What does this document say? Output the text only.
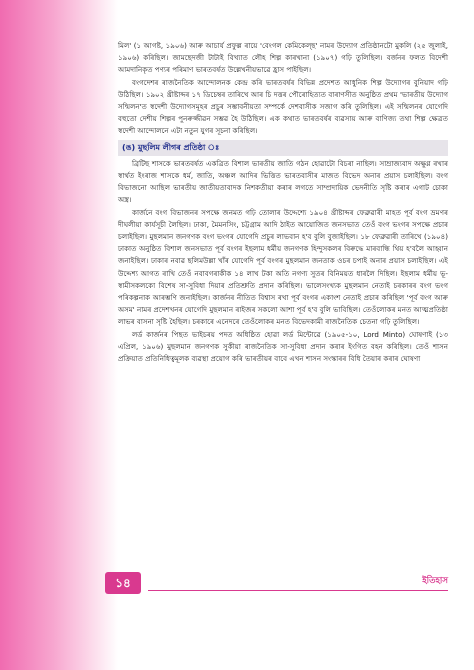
মিল' (১ আগষ্ট, ১৯০৬) আৰু আচাৰ্য প্ৰফুল্ল ৰায়ে 'বেংগল কেমিকেল্‌ছ' নামৰ উদ্যোগ প্ৰতিষ্ঠানটো মুকলি (২৫ জুলাই, ১৯০৬) কৰিছিল। জামছেদজী টাটাই বিখ্যাত লৌহ শিল্প কাৰখানা (১৯০৭) গঢ়ি তুলিছিল। বৰ্জনৰ ফলত বিদেশী আমদানিকৃত পণ্যৰ পৰিমাণ ভাৰতবৰ্ষত উল্লেখনীয়ভাৱে হ্ৰাস পাইছিল।

বংগদেশৰ ৰাজনৈতিক আন্দোলনক কেন্দ্ৰ কৰি ভাৰতবৰ্ষৰ বিভিন্ন প্ৰদেশত আধুনিক শিল্প উদ্যোগৰ বুনিয়াদ গঢ়ি উঠিছিল। ১৯০২ খ্ৰীষ্টাব্দৰ ১৭ ডিচেম্বৰ তাৰিখে আৰ চি দত্তৰ পৌৰোহিত্যত বাৰাণসীত অনুষ্ঠিত প্ৰথম 'ভাৰতীয় উদ্যোগ সন্মিলন'ত স্বদেশী উদ্যোগসমূহৰ প্ৰচুৰ সম্ভাবনীয়তা সম্পৰ্কে দেশবাসীক সজাগ কৰি তুলিছিল। এই সন্মিলনৰ যোগেদি বহুতো দেশীয় শিল্পৰ পুনৰুজ্জীৱন সম্ভৱ হৈ উঠিছিল। এক কথাত ভাৰতবৰ্ষৰ ব্যৱসায় আৰু বাণিজ্য তথা শিল্প ক্ষেত্ৰত স্বদেশী আন্দোলনে এটা নতুন যুগৰ সূচনা কৰিছিল।

(ঙ) মুছলিম লীগৰ প্ৰতিষ্ঠা ঃ

ব্ৰিটিছ শাসকে ভাৰতবৰ্ষত একত্ৰিত বিশাল ভাৰতীয় জাতি গঠন হোৱাটো বিচৰা নাছিল। সাম্ৰাজ্যবাদ অক্ষুণ্ণ ৰখাৰ স্বাৰ্থত ইংৰাজ শাসকে ধৰ্ম, জাতি, অঞ্চল আদিৰ ভিত্তিত ভাৰতবাসীৰ মাজত বিভেদ অনাৰ প্ৰয়াস চলাইছিল। বংগ বিভাজনো আছিল ভাৰতীয় জাতীয়তাবাদক নিশকতীয়া কৰাৰ লগতে সাম্প্ৰদায়িক ভেদনীতি সৃষ্টি কৰাৰ এগাট চোকা অস্ত্ৰ।

কাৰ্জনে বংগ বিভাজনৰ সপক্ষে জনমত গঢ়ি তোলাৰ উদ্দেশ্যে ১৯০৪ খ্ৰীষ্টাব্দৰ ফেব্ৰুৱাৰী মাহত পূৰ্ব বংগ ভ্ৰমণৰ দীঘলীয়া কাৰ্যসূচী লৈছিল। ঢাকা, মৈমনসিং, চট্টগ্ৰাম আদি ঠাইত আয়োজিত জনসভাত তেওঁ বংগ ভংগৰ সপক্ষে প্ৰচাৰ চলাইছিল। মুছলমান জনগণক বংগ ভংগৰ যোগেদি প্ৰচুৰ লাভবান হ'ব বুলি বুজাইছিল। ১৮ ফেব্ৰুৱাৰী তাৰিখে (১৯০৪) ঢাকাত অনুষ্ঠিত বিশাল জনসভাত পূৰ্ব বংগৰ ইছলাম ধৰ্মীয় জনগণক হিন্দুসকলৰ বিৰুদ্ধে মাৰবান্ধি থিয় হ'বলৈ আহ্বান জনাইছিল। ঢাকাৰ নবাৱ ছলিমউল্লা খাঁৰ যোগেদি পূৰ্ব বংগৰ মুছলমান জনতাক ওচৰ চপাই অনাৰ প্ৰয়াস চলাইছিল। এই উদ্দেশ্য আগত ৰাখি তেওঁ নবাবগৰাকীক ১৪ লাখ টকা অতি নগণ্য সুতৰ বিনিময়ত ধাৰলৈ দিছিল। ইছলাম ধৰ্মীয় ভূ-স্বামীসকলকো বিশেষ সা-সুবিধা দিয়াৰ প্ৰতিশ্ৰুতি প্ৰদান কৰিছিল। ভালেসংখ্যক মুছলমান নেতাই চৰকাৰৰ বংগ ভংগ পৰিকল্পনাক আৰম্ভণি জনাইছিল। কাৰ্জনৰ নীতিত বিশ্বাস ৰখা পূৰ্ব বংগৰ একাংশ নেতাই প্ৰচাৰ কৰিছিল 'পূৰ্ব বংগ আৰু অসম' নামৰ প্ৰদেশখনৰ যোগেদি মুছলমান ৰাইজৰ সকলো আশা পূৰ্ব হ'ব বুলি ভাবিছিল। তেওঁলোকৰ মনত আত্মপ্ৰতিষ্ঠা লাভৰ বাসনা সৃষ্টি হৈছিল। চৰকাৰে এনেদৰে তেওঁলোকৰ মনত বিভেদকামী ৰাজনৈতিক চেতনা গঢ়ি তুলিছিল।

লৰ্ড কাৰ্জনৰ পিছত ভাইচৰয় পদত অধিষ্ঠিত হোৱা লৰ্ড মিন্টোৱে (১৯০৫-১০, Lord Minto) ঘোষণাই (১৩ এপ্ৰিল, ১৯০৬) মুছলমান জনগণক সুকীয়া ৰাজনৈতিক সা-সুবিধা প্ৰদান কৰাৰ ইংগিত বহন কৰিছিল। তেওঁ শাসন প্ৰক্ৰিয়াত প্ৰতিনিধিত্বমূলক ব্যৱস্থা প্ৰয়োগ কৰি ভাৰতীয়ৰ বাবে এখন শাসন সংস্কাৰৰ বিধি তৈয়াৰ কৰাৰ ঘোষণা

১৪	ইতিহাস
